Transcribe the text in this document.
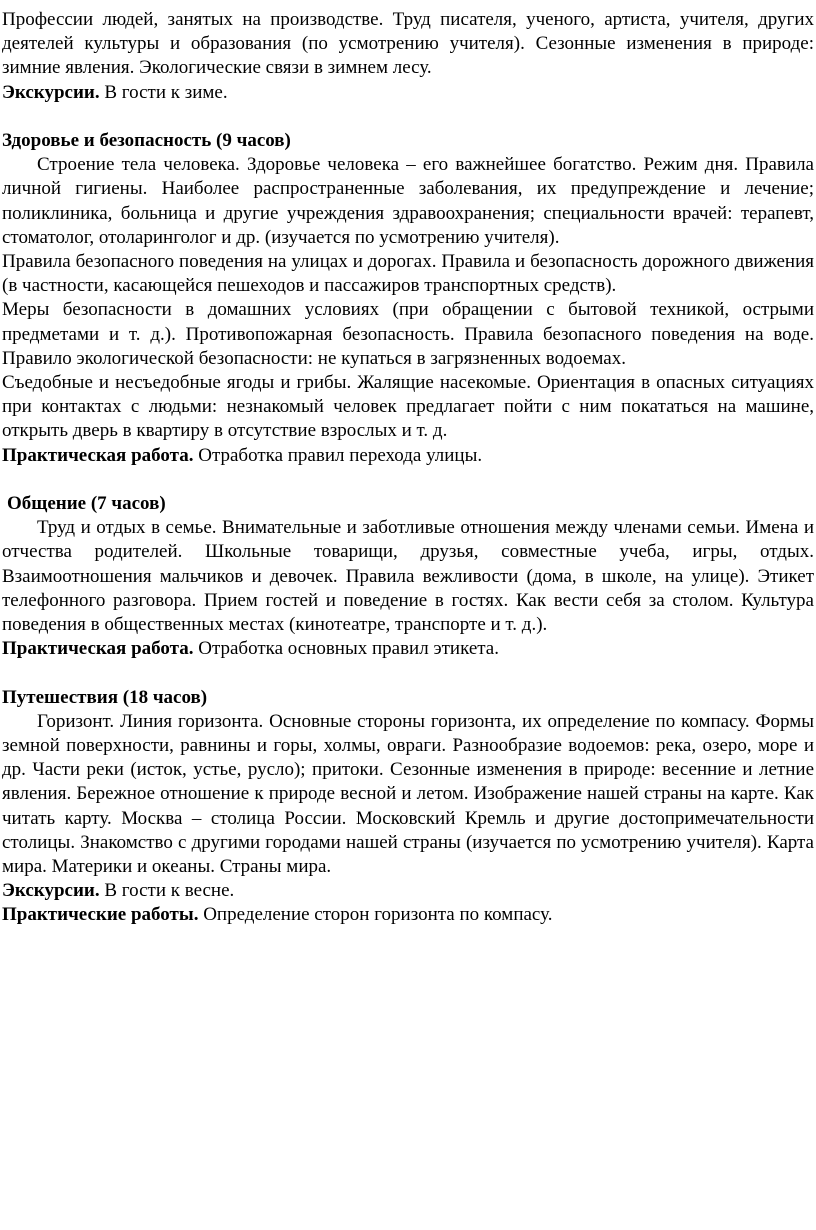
Профессии людей, занятых на производстве. Труд писателя, ученого, артиста, учителя, других деятелей культуры и образования (по усмотрению учителя). Сезонные изменения в природе: зимние явления. Экологические связи в зимнем лесу.

Экскурсии. В гости к зиме.

Здоровье и безопасность (9 часов)

Строение тела человека. Здоровье человека – его важнейшее богатство. Режим дня. Правила личной гигиены. Наиболее распространенные заболевания, их предупреждение и лечение; поликлиника, больница и другие учреждения здравоохранения; специальности врачей: терапевт, стоматолог, отоларинголог и др. (изучается по усмотрению учителя).

Правила безопасного поведения на улицах и дорогах. Правила и безопасность дорожного движения (в частности, касающейся пешеходов и пассажиров транспортных средств).

Меры безопасности в домашних условиях (при обращении с бытовой техникой, острыми предметами и т. д.). Противопожарная безопасность. Правила безопасного поведения на воде. Правило экологической безопасности: не купаться в загрязненных водоемах.

Съедобные и несъедобные ягоды и грибы. Жалящие насекомые. Ориентация в опасных ситуациях при контактах с людьми: незнакомый человек предлагает пойти с ним покататься на машине, открыть дверь в квартиру в отсутствие взрослых и т. д.

Практическая работа. Отработка правил перехода улицы.

Общение (7 часов)

Труд и отдых в семье. Внимательные и заботливые отношения между членами семьи. Имена и отчества родителей. Школьные товарищи, друзья, совместные учеба, игры, отдых. Взаимоотношения мальчиков и девочек. Правила вежливости (дома, в школе, на улице). Этикет телефонного разговора. Прием гостей и поведение в гостях. Как вести себя за столом. Культура поведения в общественных местах (кинотеатре, транспорте и т. д.).

Практическая работа. Отработка основных правил этикета.

Путешествия (18 часов)

Горизонт. Линия горизонта. Основные стороны горизонта, их определение по компасу. Формы земной поверхности, равнины и горы, холмы, овраги. Разнообразие водоемов: река, озеро, море и др. Части реки (исток, устье, русло); притоки. Сезонные изменения в природе: весенние и летние явления. Бережное отношение к природе весной и летом. Изображение нашей страны на карте. Как читать карту. Москва – столица России. Московский Кремль и другие достопримечательности столицы. Знакомство с другими городами нашей страны (изучается по усмотрению учителя). Карта мира. Материки и океаны. Страны мира.

Экскурсии. В гости к весне.

Практические работы. Определение сторон горизонта по компасу.
